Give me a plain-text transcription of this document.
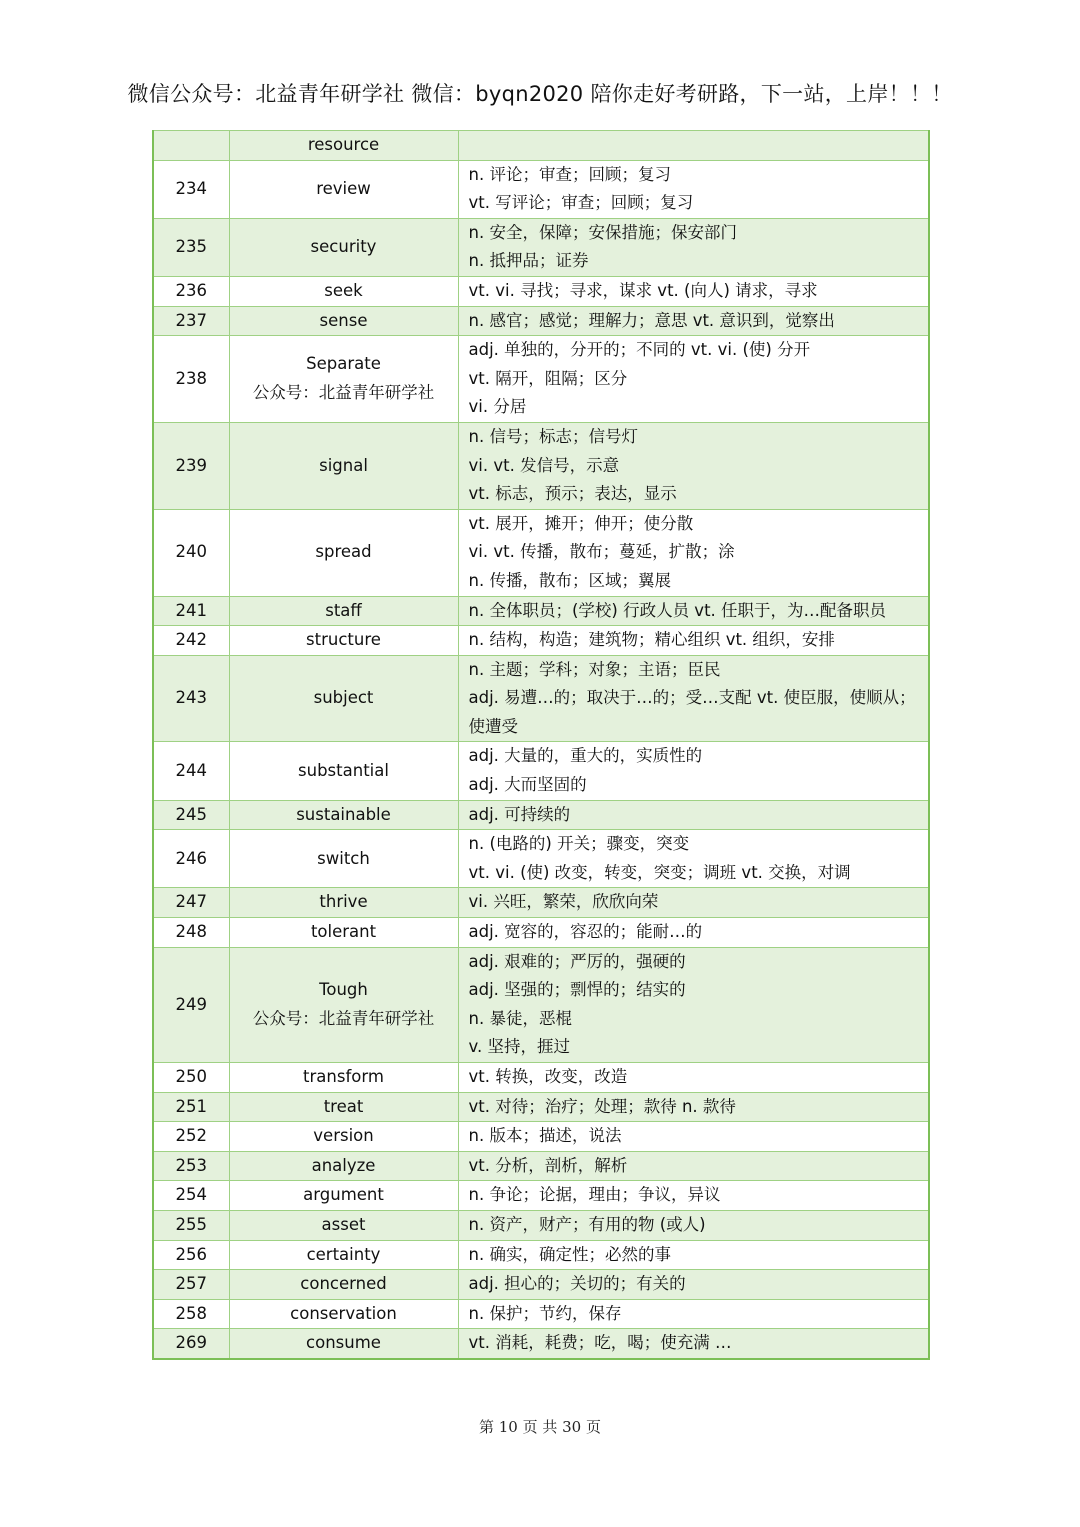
微信公众号：北益青年研学社 微信：byqn2020 陪你走好考研路，下一站，上岸！！！

	resource	

234	review	n. 评论；审查；回顾；复习
vt. 写评论；审查；回顾；复习

235	security	n. 安全，保障；安保措施；保安部门
n. 抵押品；证券

236	seek	vt. vi. 寻找；寻求，谋求 vt. (向人) 请求，寻求

237	sense	n. 感官；感觉；理解力；意思 vt. 意识到，觉察出

238	Separate
公众号：北益青年研学社	adj. 单独的，分开的；不同的 vt. vi. (使) 分开
vt. 隔开，阻隔；区分
vi. 分居

239	signal	n. 信号；标志；信号灯
vi. vt. 发信号，示意
vt. 标志，预示；表达，显示

240	spread	vt. 展开，摊开；伸开；使分散
vi. vt. 传播，散布；蔓延，扩散；涂
n. 传播，散布；区域；翼展

241	staff	n. 全体职员；(学校) 行政人员 vt. 任职于，为…配备职员

242	structure	n. 结构，构造；建筑物；精心组织 vt. 组织，安排

243	subject	n. 主题；学科；对象；主语；臣民
adj. 易遭…的；取决于…的；受…支配 vt. 使臣服，使顺从；使遭受

244	substantial	adj. 大量的，重大的，实质性的
adj. 大而坚固的

245	sustainable	adj. 可持续的

246	switch	n. (电路的) 开关；骤变，突变
vt. vi. (使) 改变，转变，突变；调班 vt. 交换，对调

247	thrive	vi. 兴旺，繁荣，欣欣向荣

248	tolerant	adj. 宽容的，容忍的；能耐…的

249	Tough
公众号：北益青年研学社	adj. 艰难的；严厉的，强硬的
adj. 坚强的；剽悍的；结实的
n. 暴徒，恶棍
v. 坚持，捱过

250	transform	vt. 转换，改变，改造

251	treat	vt. 对待；治疗；处理；款待 n. 款待

252	version	n. 版本；描述，说法

253	analyze	vt. 分析，剖析，解析

254	argument	n. 争论；论据，理由；争议，异议

255	asset	n. 资产，财产；有用的物 (或人)

256	certainty	n. 确实，确定性；必然的事

257	concerned	adj. 担心的；关切的；有关的

258	conservation	n. 保护；节约，保存

269	consume	vt. 消耗，耗费；吃，喝；使充满 …
第 10 页 共 30 页
